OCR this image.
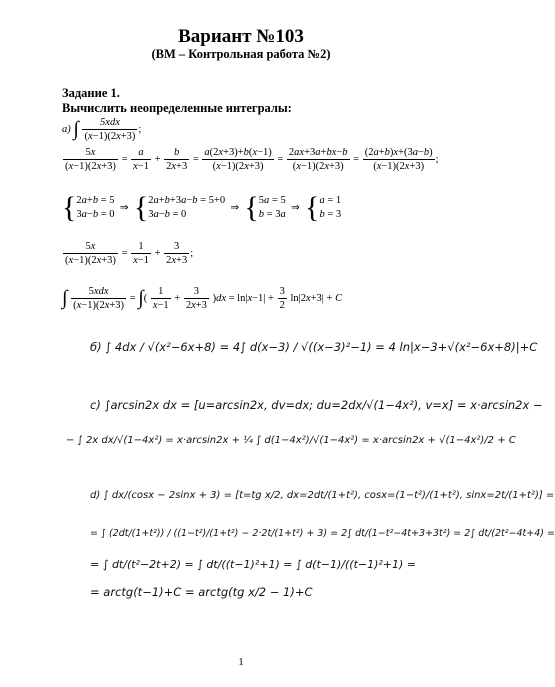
Вариант №103
(ВМ – Контрольная работа №2)
Задание 1.
Вычислить неопределенные интегралы:
а) ∫ $\frac{\text{5xdx}}{(x-1)(2x+3)}$ ;
$\frac{5x}{(x-1)(2x+3)} = \frac{a}{x-1} + \frac{b}{2x+3} = \frac{a(2x+3)+b(x-1)}{(x-1)(2x+3)} = \frac{2ax+3a+bx-b}{(x-1)(2x+3)} = \frac{(2a+b)x+(3a-b)}{(x-1)(2x+3)}$ ;
{ 2a+b = 5
3a−b = 0
⇒  { 2a+b+3a−b = 5+0
3a−b = 0
⇒  { 5a = 5
b = 3a
⇒  { a = 1
b = 3
$\frac{5x}{(x-1)(2x+3)} = \frac{1}{x-1} + \frac{3}{2x+3}$ ;
∫ $\frac{\text{5xdx}}{(x-1)(2x+3)}$ = ∫( $\frac{1}{x-1} + \frac{3}{2x+3} )dx = \ln|x-1| + \frac{3}{2} \ln|2x+3| + C$
б) ∫ 4dx / √(x²−6x+8) = 4∫ d(x−3) / √((x−3)²−1) = 4 ln|x−3+√(x²−6x+8)|+C
с) ∫arcsin2x dx = [u=arcsin2x, dv=dx; du=2dx/√(1−4x²), v=x] = x·arcsin2x −
− ∫ 2x dx/√(1−4x²) = x·arcsin2x + ¼ ∫ d(1−4x²)/√(1−4x²) = x·arcsin2x + √(1−4x²)/2 + C
d) ∫ dx/(cosx − 2sinx + 3) = [t=tg x/2, dx=2dt/(1+t²), cosx=(1−t²)/(1+t²), sinx=2t/(1+t²)] =
= ∫ (2dt/(1+t²)) / ((1−t²)/(1+t²) − 2·2t/(1+t²) + 3) = 2∫ dt/(1−t²−4t+3+3t²) = 2∫ dt/(2t²−4t+4) =
= ∫ dt/(t²−2t+2) = ∫ dt/((t−1)²+1) = ∫ d(t−1)/((t−1)²+1) =
= arctg(t−1)+C = arctg(tg x/2 − 1)+C
1
